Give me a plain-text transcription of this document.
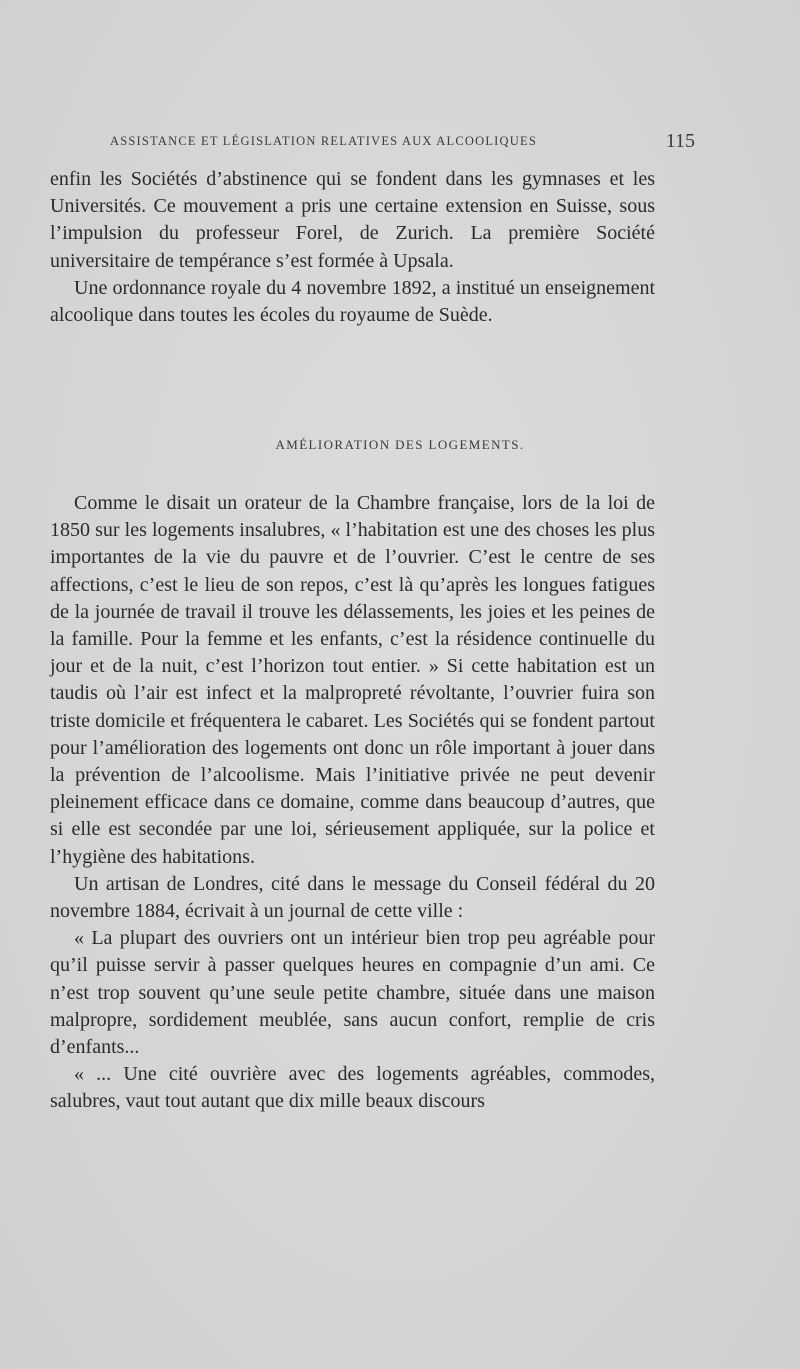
ASSISTANCE ET LÉGISLATION RELATIVES AUX ALCOOLIQUES	115

enfin les Sociétés d’abstinence qui se fondent dans les gymnases et les Universités. Ce mouvement a pris une certaine extension en Suisse, sous l’impulsion du professeur Forel, de Zurich. La première Société universitaire de tempérance s’est formée à Upsala.

Une ordonnance royale du 4 novembre 1892, a institué un enseignement alcoolique dans toutes les écoles du royaume de Suède.

AMÉLIORATION DES LOGEMENTS.

Comme le disait un orateur de la Chambre française, lors de la loi de 1850 sur les logements insalubres, « l’habitation est une des choses les plus importantes de la vie du pauvre et de l’ouvrier. C’est le centre de ses affections, c’est le lieu de son repos, c’est là qu’après les longues fatigues de la journée de travail il trouve les délassements, les joies et les peines de la famille. Pour la femme et les enfants, c’est la résidence continuelle du jour et de la nuit, c’est l’horizon tout entier. » Si cette habitation est un taudis où l’air est infect et la malpropreté révoltante, l’ouvrier fuira son triste domicile et fréquentera le cabaret. Les Sociétés qui se fondent partout pour l’amélioration des logements ont donc un rôle important à jouer dans la prévention de l’alcoolisme. Mais l’initiative privée ne peut devenir pleinement efficace dans ce domaine, comme dans beaucoup d’autres, que si elle est secondée par une loi, sérieusement appliquée, sur la police et l’hygiène des habitations.

Un artisan de Londres, cité dans le message du Conseil fédéral du 20 novembre 1884, écrivait à un journal de cette ville :

« La plupart des ouvriers ont un intérieur bien trop peu agréable pour qu’il puisse servir à passer quelques heures en compagnie d’un ami. Ce n’est trop souvent qu’une seule petite chambre, située dans une maison malpropre, sordidement meublée, sans aucun confort, remplie de cris d’enfants...

« ... Une cité ouvrière avec des logements agréables, commodes, salubres, vaut tout autant que dix mille beaux discours
